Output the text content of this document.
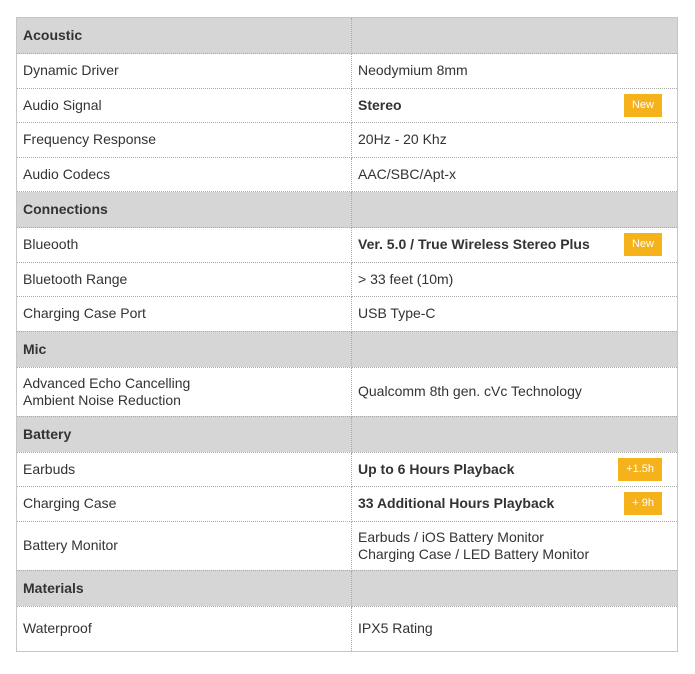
Acoustic	
Dynamic Driver	Neodymium 8mm
Audio Signal	Stereo New

Frequency Response	20Hz - 20 Khz
Audio Codecs	AAC/SBC/Apt-x
Connections	
Blueooth	Ver. 5.0 / True Wireless Stereo Plus New

Bluetooth Range	> 33 feet (10m)
Charging Case Port	USB Type-C
Mic	

Advanced Echo Cancelling
Ambient Noise Reduction	Qualcomm 8th gen. cVc Technology
Battery	
Earbuds	Up to 6 Hours Playback +1.5h

Charging Case	33 Additional Hours Playback + 9h

Battery Monitor	Earbuds / iOS Battery Monitor
Charging Case / LED Battery Monitor

Materials	
Waterproof	IPX5 Rating
